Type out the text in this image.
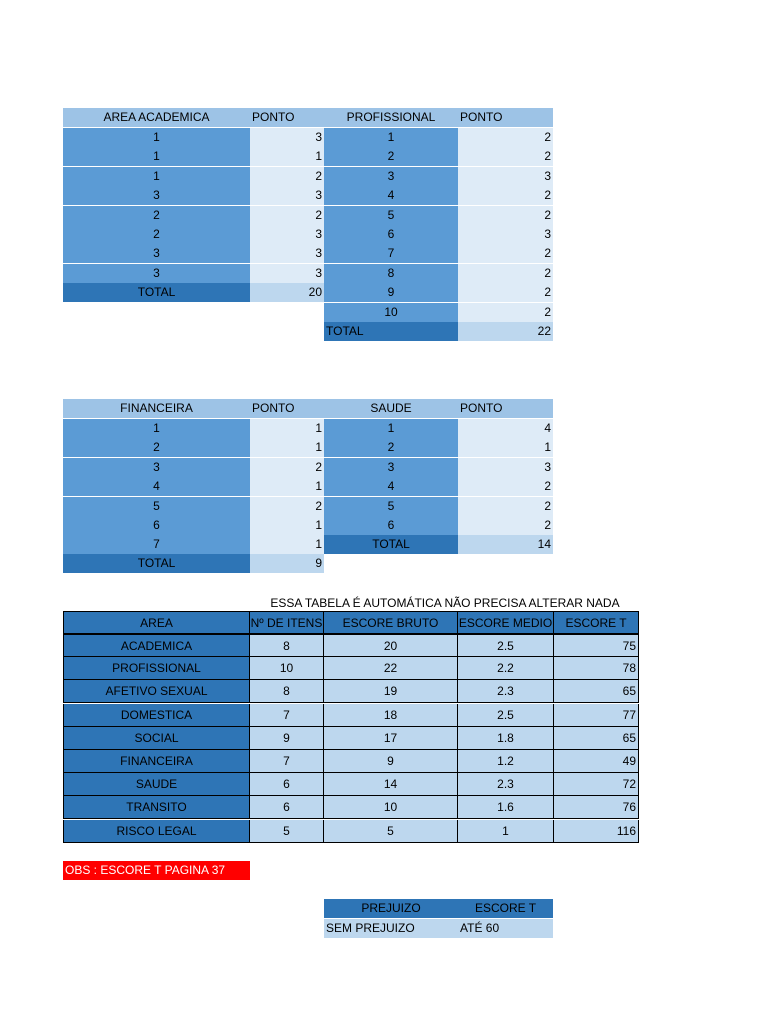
AREA ACADEMICA	PONTO
1	3
1	1
1	2
3	3
2	2
2	3
3	3
3	3
TOTAL	20
PROFISSIONAL	PONTO
1	2
2	2
3	3
4	2
5	2
6	3
7	2
8	2
9	2
10	2
TOTAL	22
FINANCEIRA	PONTO
1	1
2	1
3	2
4	1
5	2
6	1
7	1
TOTAL	9
SAUDE	PONTO
1	4
2	1
3	3
4	2
5	2
6	2
TOTAL	14
ESSA TABELA É AUTOMÁTICA NÃO PRECISA ALTERAR NADA
AREA	Nº DE ITENS	ESCORE BRUTO	ESCORE MEDIO	ESCORE T
ACADEMICA	8	20	2.5	75
PROFISSIONAL	10	22	2.2	78
AFETIVO SEXUAL	8	19	2.3	65
DOMESTICA	7	18	2.5	77
SOCIAL	9	17	1.8	65
FINANCEIRA	7	9	1.2	49
SAUDE	6	14	2.3	72
TRANSITO	6	10	1.6	76
RISCO LEGAL	5	5	1	116
OBS : ESCORE T PAGINA 37
PREJUIZO	ESCORE T
SEM PREJUIZO	ATÉ 60
